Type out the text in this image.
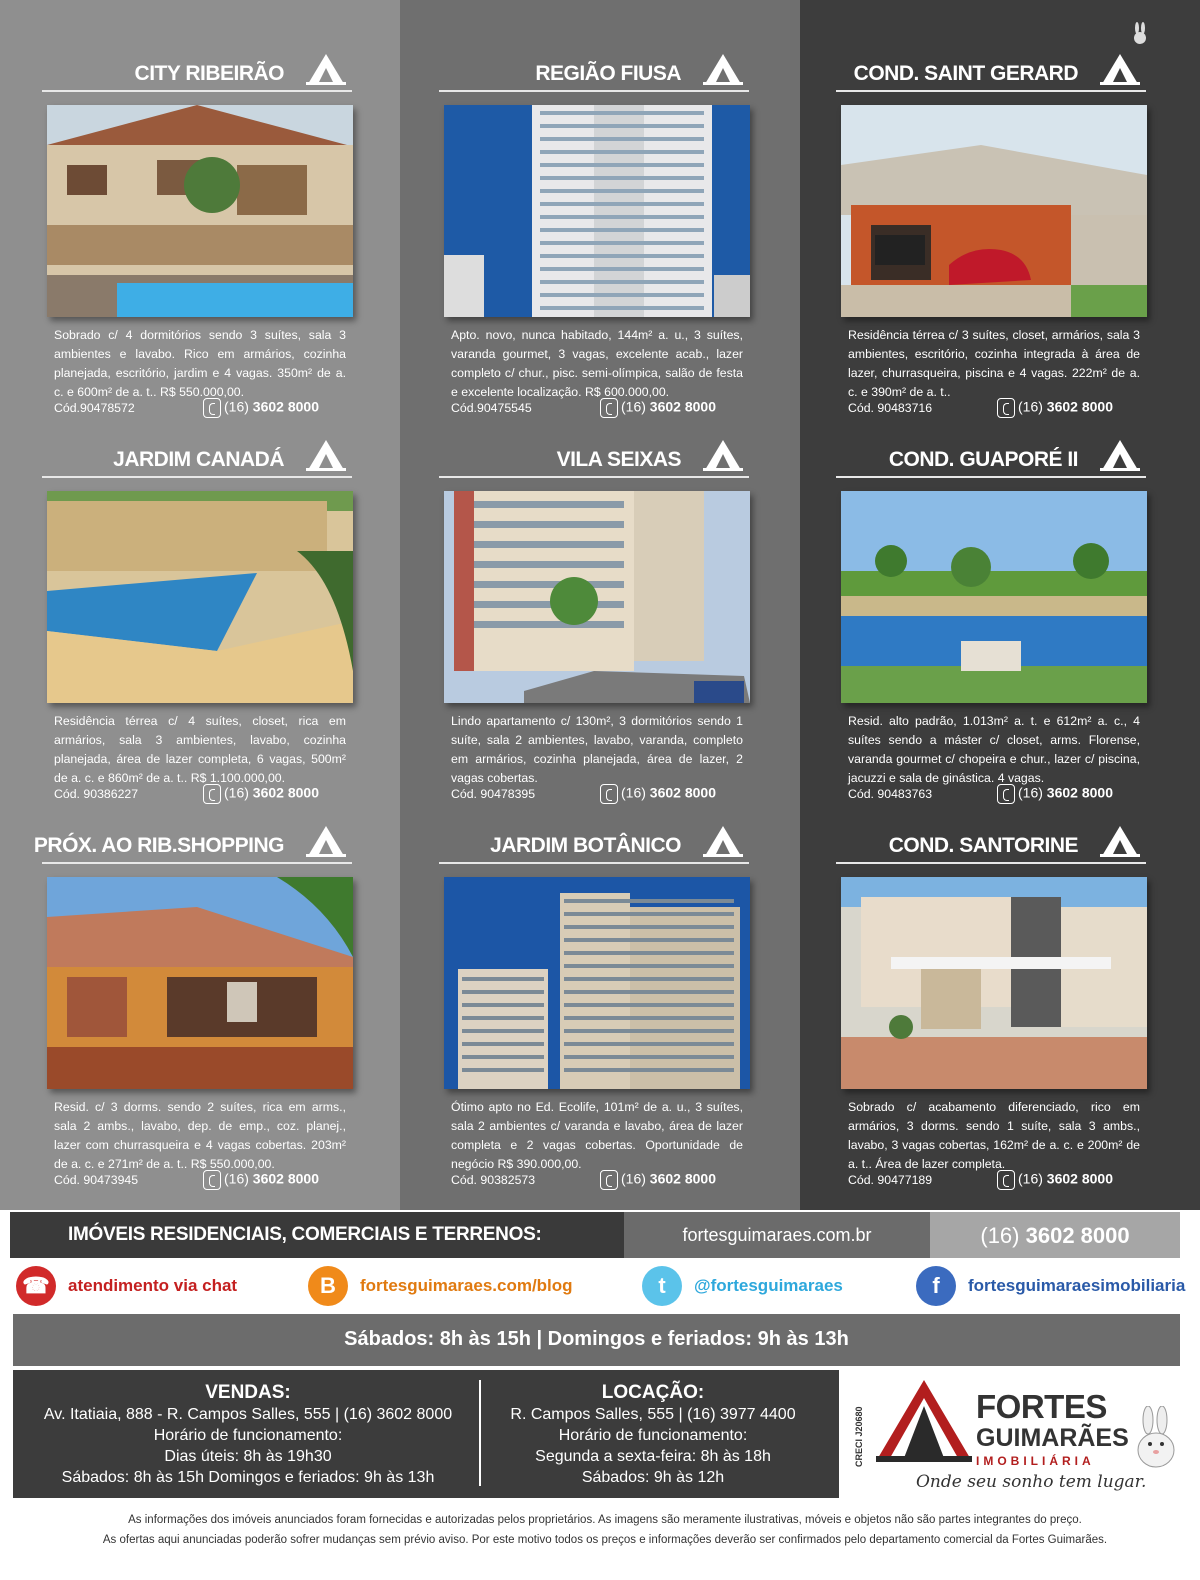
CITY RIBEIRÃO
Sobrado c/ 4 dormitórios sendo 3 suítes, sala 3 ambientes e lavabo. Rico em armários, cozinha planejada, escritório, jardim e 4 vagas. 350m² de a. c. e 600m² de a. t.. R$ 550.000,00.
Cód.90478572	(16) 3602 8000
REGIÃO FIUSA
Apto. novo, nunca habitado, 144m² a. u., 3 suítes, varanda gourmet, 3 vagas, excelente acab., lazer completo c/ chur., pisc. semi-olímpica, salão de festa e excelente localização. R$ 600.000,00.
Cód.90475545	(16) 3602 8000
COND. SAINT GERARD
Residência térrea c/ 3 suítes, closet, armários, sala 3 ambientes, escritório, cozinha integrada à área de lazer, churrasqueira, piscina e 4 vagas. 222m² de a. c. e 390m² de a. t..
Cód. 90483716	(16) 3602 8000
JARDIM CANADÁ
Residência térrea c/ 4 suítes, closet, rica em armários, sala 3 ambientes, lavabo, cozinha planejada, área de lazer completa, 6 vagas, 500m² de a. c. e 860m² de a. t.. R$ 1.100.000,00.
Cód. 90386227	(16) 3602 8000
VILA SEIXAS
Lindo apartamento c/ 130m², 3 dormitórios sendo 1 suíte, sala 2 ambientes, lavabo, varanda, completo em armários, cozinha planejada, área de lazer, 2 vagas cobertas.
Cód. 90478395	(16) 3602 8000
COND. GUAPORÉ II
Resid. alto padrão, 1.013m² a. t. e 612m² a. c., 4 suítes sendo a máster c/ closet, arms. Florense, varanda gourmet c/ chopeira e chur., lazer c/ piscina, jacuzzi e sala de ginástica. 4 vagas.
Cód. 90483763	(16) 3602 8000
PRÓX. AO RIB.SHOPPING
Resid. c/ 3 dorms. sendo 2 suítes, rica em arms., sala 2 ambs., lavabo, dep. de emp., coz. planej., lazer com churrasqueira e 4 vagas cobertas. 203m² de a. c. e 271m² de a. t.. R$ 550.000,00.
Cód. 90473945	(16) 3602 8000
JARDIM BOTÂNICO
Ótimo apto no Ed. Ecolife, 101m² de a. u., 3 suítes, sala 2 ambientes c/ varanda e lavabo, área de lazer completa e 2 vagas cobertas. Oportunidade de negócio R$ 390.000,00.
Cód. 90382573	(16) 3602 8000
COND. SANTORINE
Sobrado c/ acabamento diferenciado, rico em armários, 3 dorms. sendo 1 suíte, sala 3 ambs., lavabo, 3 vagas cobertas, 162m² de a. c. e 200m² de a. t.. Área de lazer completa.
Cód. 90477189	(16) 3602 8000
IMÓVEIS RESIDENCIAIS, COMERCIAIS E TERRENOS:	fortesguimaraes.com.br	(16) 3602 8000
☎	atendimento via chat	B	fortesguimaraes.com/blog	t	@fortesguimaraes	f	fortesguimaraesimobiliaria
Sábados: 8h às 15h | Domingos e feriados: 9h às 13h
VENDAS:
Av. Itatiaia, 888 - R. Campos Salles, 555 | (16) 3602 8000
Horário de funcionamento:
Dias úteis: 8h às 19h30
Sábados: 8h às 15h Domingos e feriados: 9h às 13h
LOCAÇÃO:
R. Campos Salles, 555 | (16) 3977 4400
Horário de funcionamento:
Segunda a sexta-feira: 8h às 18h
Sábados: 9h às 12h
CRECI J20680
FORTES
GUIMARÃES
IMOBILIÁRIA
Onde seu sonho tem lugar.
As informações dos imóveis anunciados foram fornecidas e autorizadas pelos proprietários. As imagens são meramente ilustrativas, móveis e objetos não são partes integrantes do preço.
As ofertas aqui anunciadas poderão sofrer mudanças sem prévio aviso. Por este motivo todos os preços e informações deverão ser confirmados pelo departamento comercial da Fortes Guimarães.
